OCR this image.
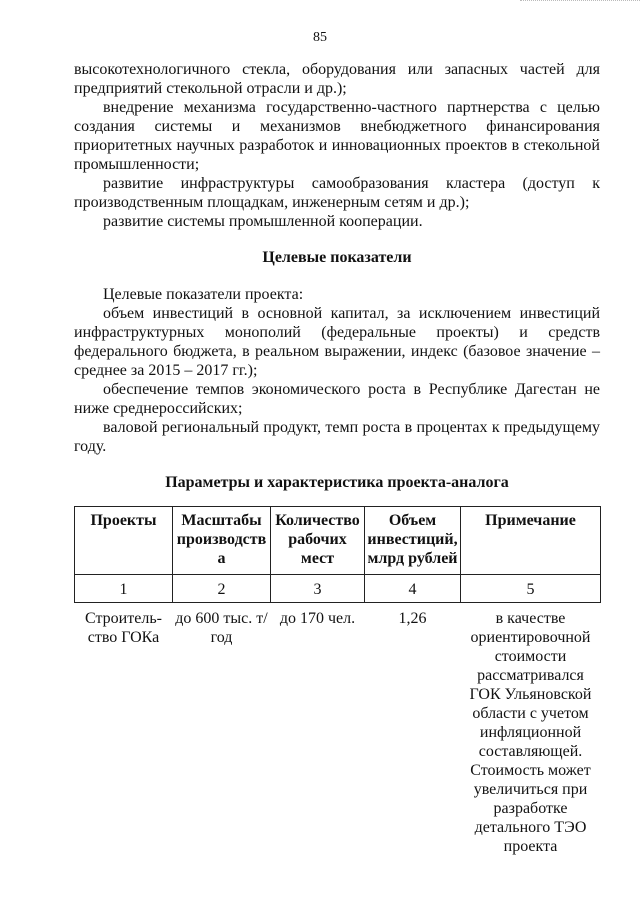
85

высокотехнологичного стекла, оборудования или запасных частей для предприятий стекольной отрасли и др.);

внедрение механизма государственно-частного партнерства с целью создания системы и механизмов внебюджетного финансирования приоритетных научных разработок и инновационных проектов в стекольной промышленности;

развитие инфраструктуры самообразования кластера (доступ к производственным площадкам, инженерным сетям и др.);

развитие системы промышленной кооперации.

Целевые показатели

Целевые показатели проекта:

объем инвестиций в основной капитал, за исключением инвестиций инфраструктурных монополий (федеральные проекты) и средств федерального бюджета, в реальном выражении, индекс (базовое значение – среднее за 2015 – 2017 гг.);

обеспечение темпов экономического роста в Республике Дагестан не ниже среднероссийских;

валовой региональный продукт, темп роста в процентах к предыдущему году.

Параметры и характеристика проекта-аналога

Проекты	Масштабы производств а	Количество рабочих мест	Объем инвестиций, млрд рублей	Примечание
1	2	3	4	5
Строитель-ство ГОКа	до 600 тыс. т/год	до 170 чел.	1,26	в качестве ориентировочной стоимости рассматривался ГОК Ульяновской области с учетом инфляционной составляющей. Стоимость может увеличиться при разработке детального ТЭО проекта
